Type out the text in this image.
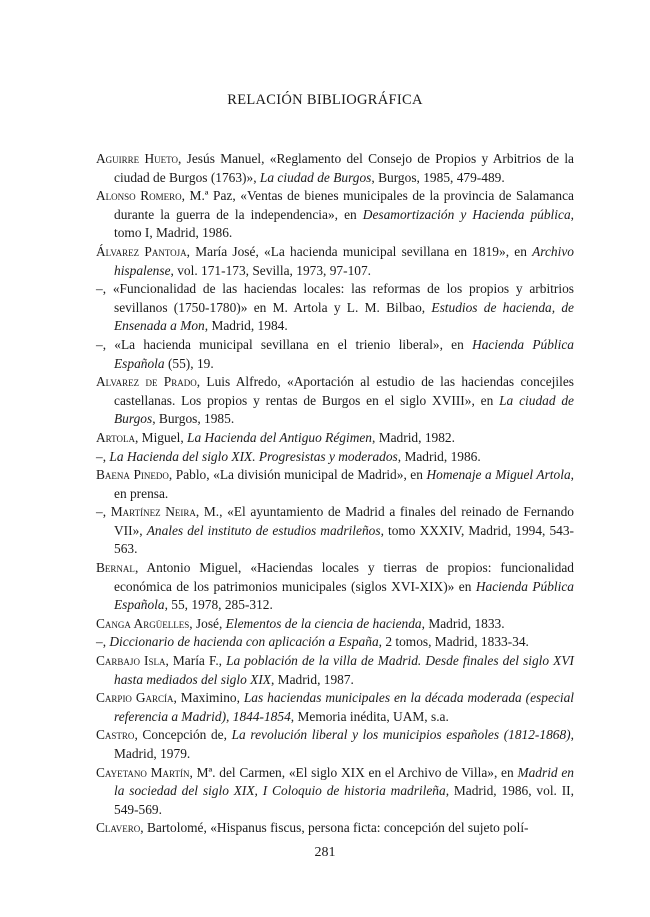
RELACIÓN BIBLIOGRÁFICA

Aguirre Hueto, Jesús Manuel, «Reglamento del Consejo de Propios y Arbitrios de la ciudad de Burgos (1763)», La ciudad de Burgos, Burgos, 1985, 479-489.

Alonso Romero, M.ª Paz, «Ventas de bienes municipales de la provincia de Salamanca durante la guerra de la independencia», en Desamortización y Hacienda pública, tomo I, Madrid, 1986.

Álvarez Pantoja, María José, «La hacienda municipal sevillana en 1819», en Archivo hispalense, vol. 171-173, Sevilla, 1973, 97-107.

–, «Funcionalidad de las haciendas locales: las reformas de los propios y arbitrios sevillanos (1750-1780)» en M. Artola y L. M. Bilbao, Estudios de hacienda, de Ensenada a Mon, Madrid, 1984.

–, «La hacienda municipal sevillana en el trienio liberal», en Hacienda Pública Española (55), 19.

Alvarez de Prado, Luis Alfredo, «Aportación al estudio de las haciendas concejiles castellanas. Los propios y rentas de Burgos en el siglo XVIII», en La ciudad de Burgos, Burgos, 1985.

Artola, Miguel, La Hacienda del Antiguo Régimen, Madrid, 1982.

–, La Hacienda del siglo XIX. Progresistas y moderados, Madrid, 1986.

Baena Pinedo, Pablo, «La división municipal de Madrid», en Homenaje a Miguel Artola, en prensa.

–, Martínez Neira, M., «El ayuntamiento de Madrid a finales del reinado de Fernando VII», Anales del instituto de estudios madrileños, tomo XXXIV, Madrid, 1994, 543-563.

Bernal, Antonio Miguel, «Haciendas locales y tierras de propios: funcionalidad económica de los patrimonios municipales (siglos XVI-XIX)» en Hacienda Pública Española, 55, 1978, 285-312.

Canga Argüelles, José, Elementos de la ciencia de hacienda, Madrid, 1833.

–, Diccionario de hacienda con aplicación a España, 2 tomos, Madrid, 1833-34.

Carbajo Isla, María F., La población de la villa de Madrid. Desde finales del siglo XVI hasta mediados del siglo XIX, Madrid, 1987.

Carpio García, Maximino, Las haciendas municipales en la década moderada (especial referencia a Madrid), 1844-1854, Memoria inédita, UAM, s.a.

Castro, Concepción de, La revolución liberal y los municipios españoles (1812-1868), Madrid, 1979.

Cayetano Martín, Mª. del Carmen, «El siglo XIX en el Archivo de Villa», en Madrid en la sociedad del siglo XIX, I Coloquio de historia madrileña, Madrid, 1986, vol. II, 549-569.

Clavero, Bartolomé, «Hispanus fiscus, persona ficta: concepción del sujeto polí-

281
